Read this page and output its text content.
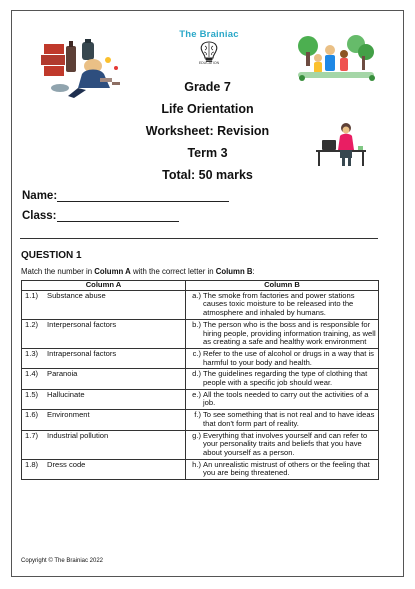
The Brainiac
EDUCATION
Grade 7
Life Orientation
Worksheet: Revision
Term 3
Total: 50 marks
Name:
Class:
QUESTION 1
Match the number in Column A with the correct letter in Column B:
Column A	Column B
1.1) Substance abuse	a.) The smoke from factories and power stations causes toxic moisture to be released into the atmosphere and inhaled by humans.

1.2) Interpersonal factors	b.) The person who is the boss and is responsible for hiring people, providing information training, as well as creating a safe and healthy work environment

1.3) Intrapersonal factors	c.) Refer to the use of alcohol or drugs in a way that is harmful to your body and health.

1.4) Paranoia	d.) The guidelines regarding the type of clothing that people with a specific job should wear.

1.5) Hallucinate	e.) All the tools needed to carry out the activities of a job.

1.6) Environment	f.) To see something that is not real and to have ideas that don't form part of reality.

1.7) Industrial pollution	g.) Everything that involves yourself and can refer to your personality traits and beliefs that you have about yourself as a person.

1.8) Dress code	h.) An unrealistic mistrust of others or the feeling that you are being threatened.
Copyright © The Brainiac 2022
